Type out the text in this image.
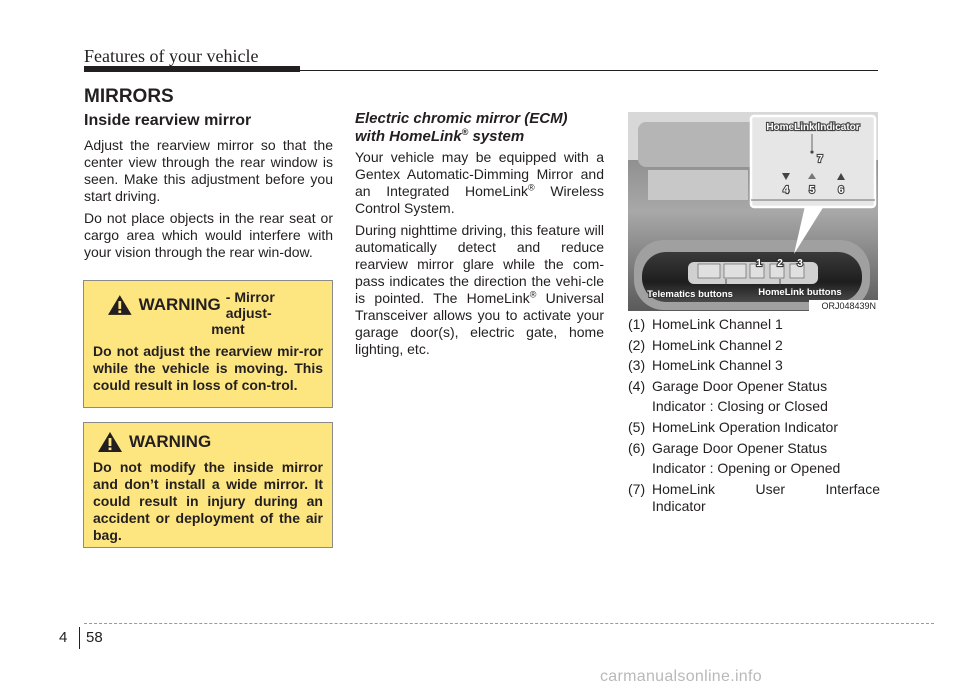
Features of your vehicle
MIRRORS
Inside rearview mirror

Adjust the rearview mirror so that the center view through the rear window is seen. Make this adjustment before you start driving.

Do not place objects in the rear seat or cargo area which would interfere with your vision through the rear win-dow.

WARNING - Mirror adjust-
ment
Do not adjust the rearview mir-ror while the vehicle is moving. This could result in loss of con-trol.
WARNING
Do not modify the inside mirror and don’t install a wide mirror. It could result in injury during an accident or deployment of the air bag.
Electric chromic mirror (ECM)
with HomeLink® system

Your vehicle may be equipped with a Gentex Automatic-Dimming Mirror and an Integrated HomeLink® Wireless Control System.

During nighttime driving, this feature will automatically detect and reduce rearview mirror glare while the com-pass indicates the direction the vehi-cle is pointed. The HomeLink® Universal Transceiver allows you to activate your garage door(s), electric gate, home lighting, etc.

HomeLink Indicator
7
4 5 6
1 2 3
Telematics buttons	HomeLink buttons
ORJ048439N
(1) HomeLink Channel 1
(2) HomeLink Channel 2
(3) HomeLink Channel 3
(4) Garage Door Opener Status
Indicator : Closing or Closed
(5) HomeLink Operation Indicator
(6) Garage Door Opener Status
Indicator : Opening or Opened
(7) HomeLink User Interface
Indicator
4 58
carmanualsonline.info
